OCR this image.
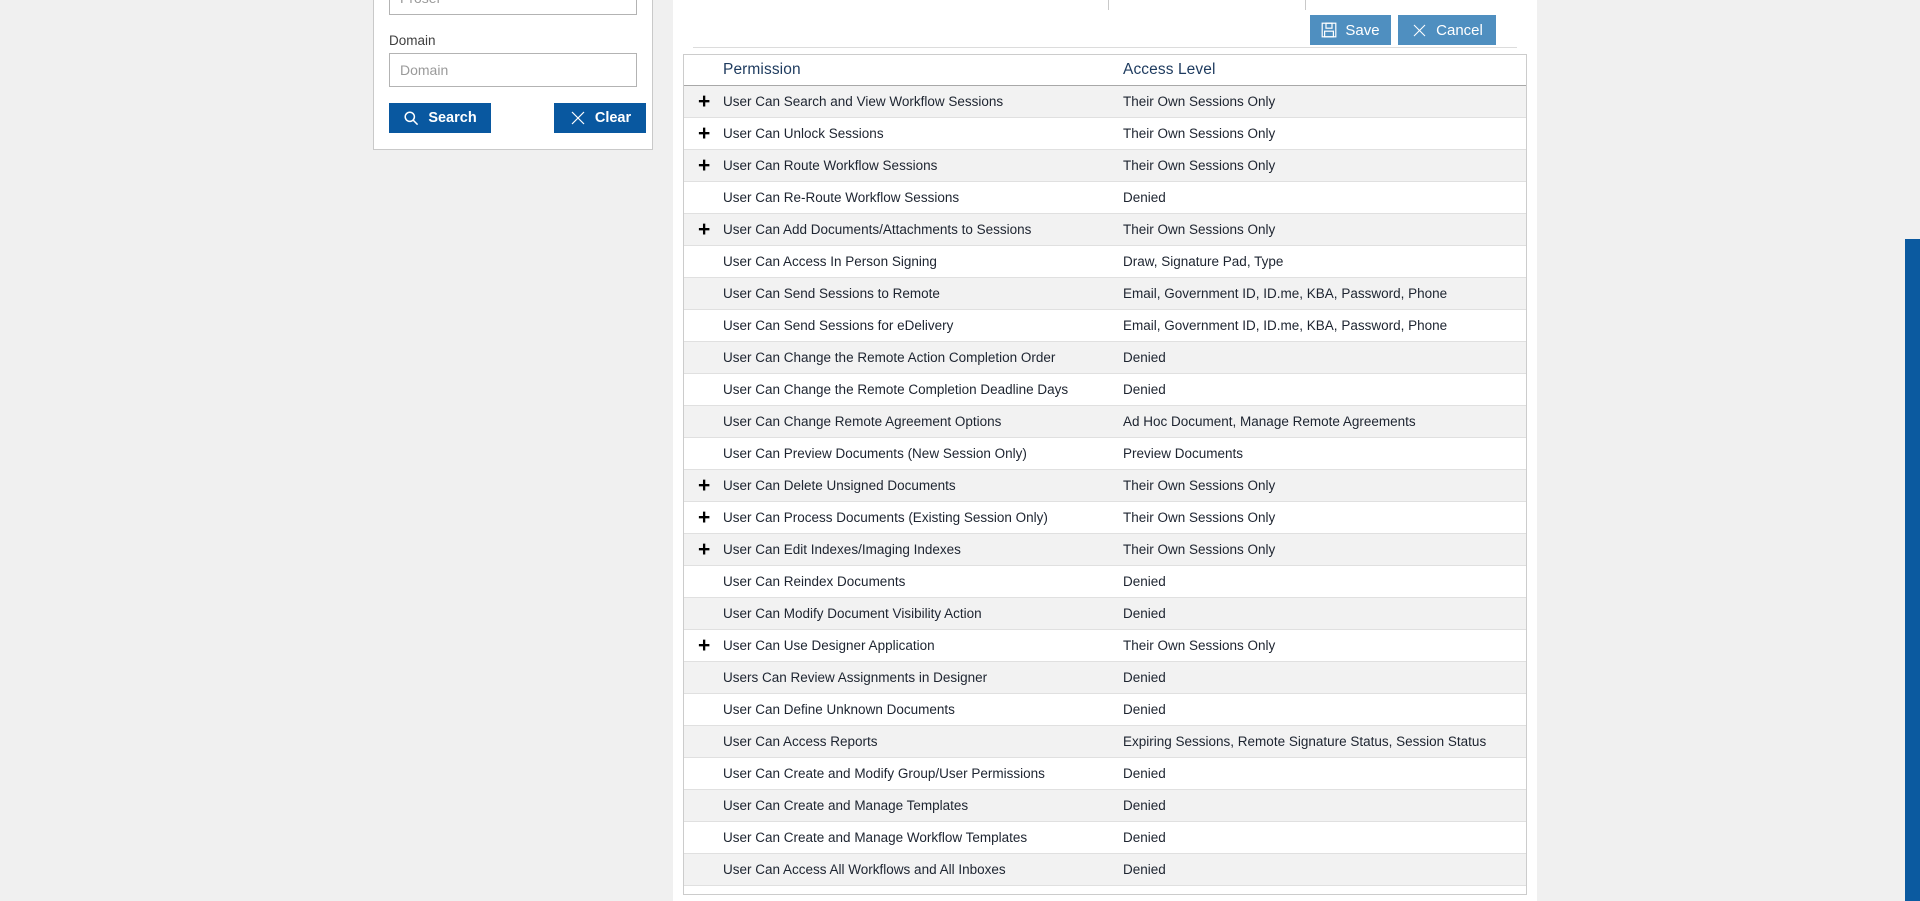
Proser
Domain
Domain
Search	Clear
Save	Cancel
Permission	Access Level
+ User Can Search and View Workflow Sessions	Their Own Sessions Only
+ User Can Unlock Sessions	Their Own Sessions Only
+ User Can Route Workflow Sessions	Their Own Sessions Only
User Can Re-Route Workflow Sessions	Denied
+ User Can Add Documents/Attachments to Sessions	Their Own Sessions Only
User Can Access In Person Signing	Draw, Signature Pad, Type
User Can Send Sessions to Remote	Email, Government ID, ID.me, KBA, Password, Phone
User Can Send Sessions for eDelivery	Email, Government ID, ID.me, KBA, Password, Phone
User Can Change the Remote Action Completion Order	Denied
User Can Change the Remote Completion Deadline Days	Denied
User Can Change Remote Agreement Options	Ad Hoc Document, Manage Remote Agreements
User Can Preview Documents (New Session Only)	Preview Documents
+ User Can Delete Unsigned Documents	Their Own Sessions Only
+ User Can Process Documents (Existing Session Only)	Their Own Sessions Only
+ User Can Edit Indexes/Imaging Indexes	Their Own Sessions Only
User Can Reindex Documents	Denied
User Can Modify Document Visibility Action	Denied
+ User Can Use Designer Application	Their Own Sessions Only
Users Can Review Assignments in Designer	Denied
User Can Define Unknown Documents	Denied
User Can Access Reports	Expiring Sessions, Remote Signature Status, Session Status
User Can Create and Modify Group/User Permissions	Denied
User Can Create and Manage Templates	Denied
User Can Create and Manage Workflow Templates	Denied
User Can Access All Workflows and All Inboxes	Denied
